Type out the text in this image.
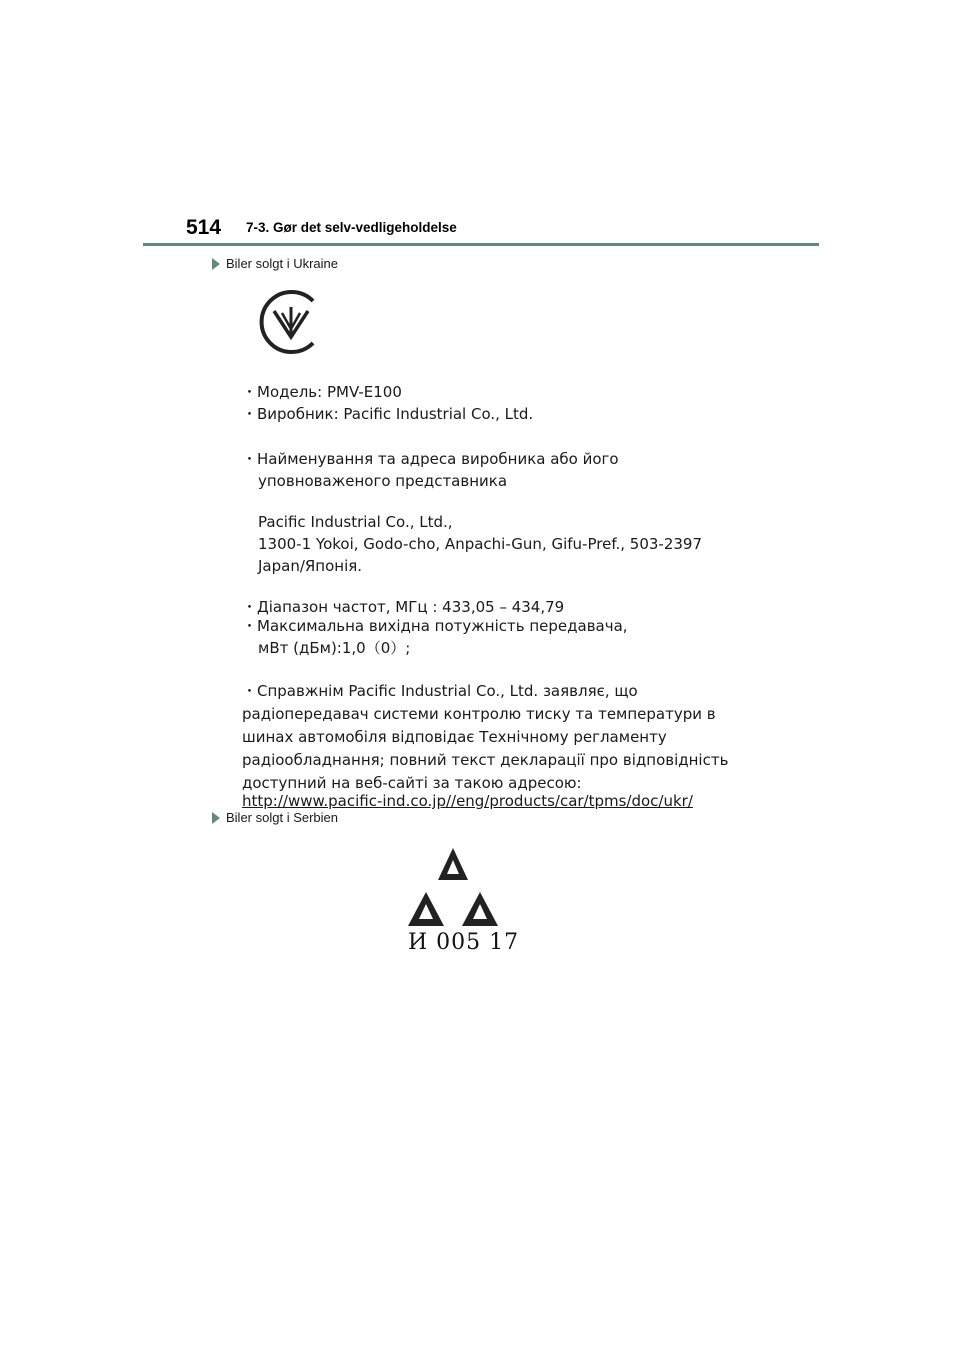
514 7-3. Gør det selv-vedligeholdelse
Biler solgt i Ukraine
・Модель: PMV-E100
・Виробник: Pacific Industrial Co., Ltd.
・Найменування та адреса виробника або його
уповноваженого представника
Pacific Industrial Co., Ltd.,
1300-1 Yokoi, Godo-cho, Anpachi-Gun, Gifu-Pref., 503-2397
Japan/Японія.
・Діапазон частот, МГц : 433,05 – 434,79
・Максимальна вихідна потужність передавача,
мВт (дБм):1,0（0）;
・Справжнім Pacific Industrial Co., Ltd. заявляє, що
радіопередавач системи контролю тиску та температури в
шинах автомобіля відповідає Технічному регламенту
радіообладнання; повний текст декларації про відповідність
доступний на веб-сайті за такою адресою:
http://www.pacific-ind.co.jp//eng/products/car/tpms/doc/ukr/
Biler solgt i Serbien
И 005 17
